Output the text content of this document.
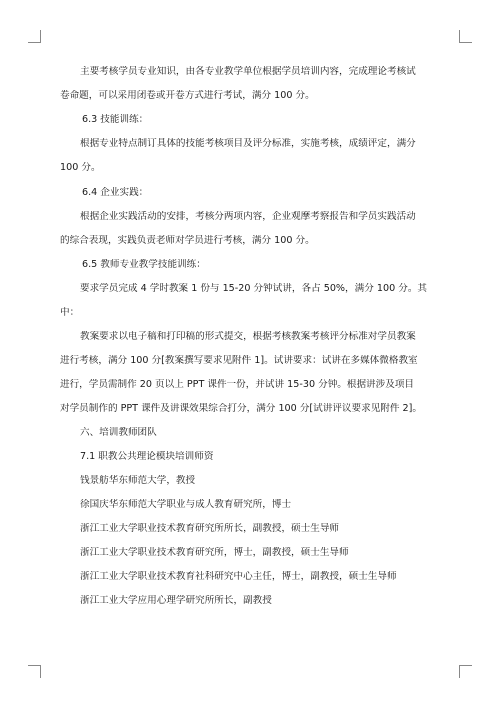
主要考核学员专业知识，由各专业教学单位根据学员培训内容，完成理论考核试
卷命题，可以采用闭卷或开卷方式进行考试，满分 100 分。
6.3 技能训练：
根据专业特点制订具体的技能考核项目及评分标准，实施考核，成绩评定，满分
100 分。
6.4 企业实践：
根据企业实践活动的安排，考核分两项内容，企业观摩考察报告和学员实践活动
的综合表现，实践负责老师对学员进行考核，满分 100 分。
6.5 教师专业教学技能训练：
要求学员完成 4 学时教案 1 份与 15-20 分钟试讲，各占 50%，满分 100 分。其
中：
教案要求以电子稿和打印稿的形式提交，根据考核教案考核评分标准对学员教案
进行考核，满分 100 分[教案撰写要求见附件 1]。试讲要求：试讲在多媒体微格教室
进行，学员需制作 20 页以上 PPT 课件一份，并试讲 15-30 分钟。根据讲涉及项目
对学员制作的 PPT 课件及讲课效果综合打分，满分 100 分[试讲评议要求见附件 2]。
六、培训教师团队
7.1 职教公共理论模块培训师资
钱景舫华东师范大学，教授
徐国庆华东师范大学职业与成人教育研究所，博士
浙江工业大学职业技术教育研究所所长，副教授，硕士生导师
浙江工业大学职业技术教育研究所，博士，副教授，硕士生导师
浙江工业大学职业技术教育社科研究中心主任，博士，副教授，硕士生导师
浙江工业大学应用心理学研究所所长，副教授
